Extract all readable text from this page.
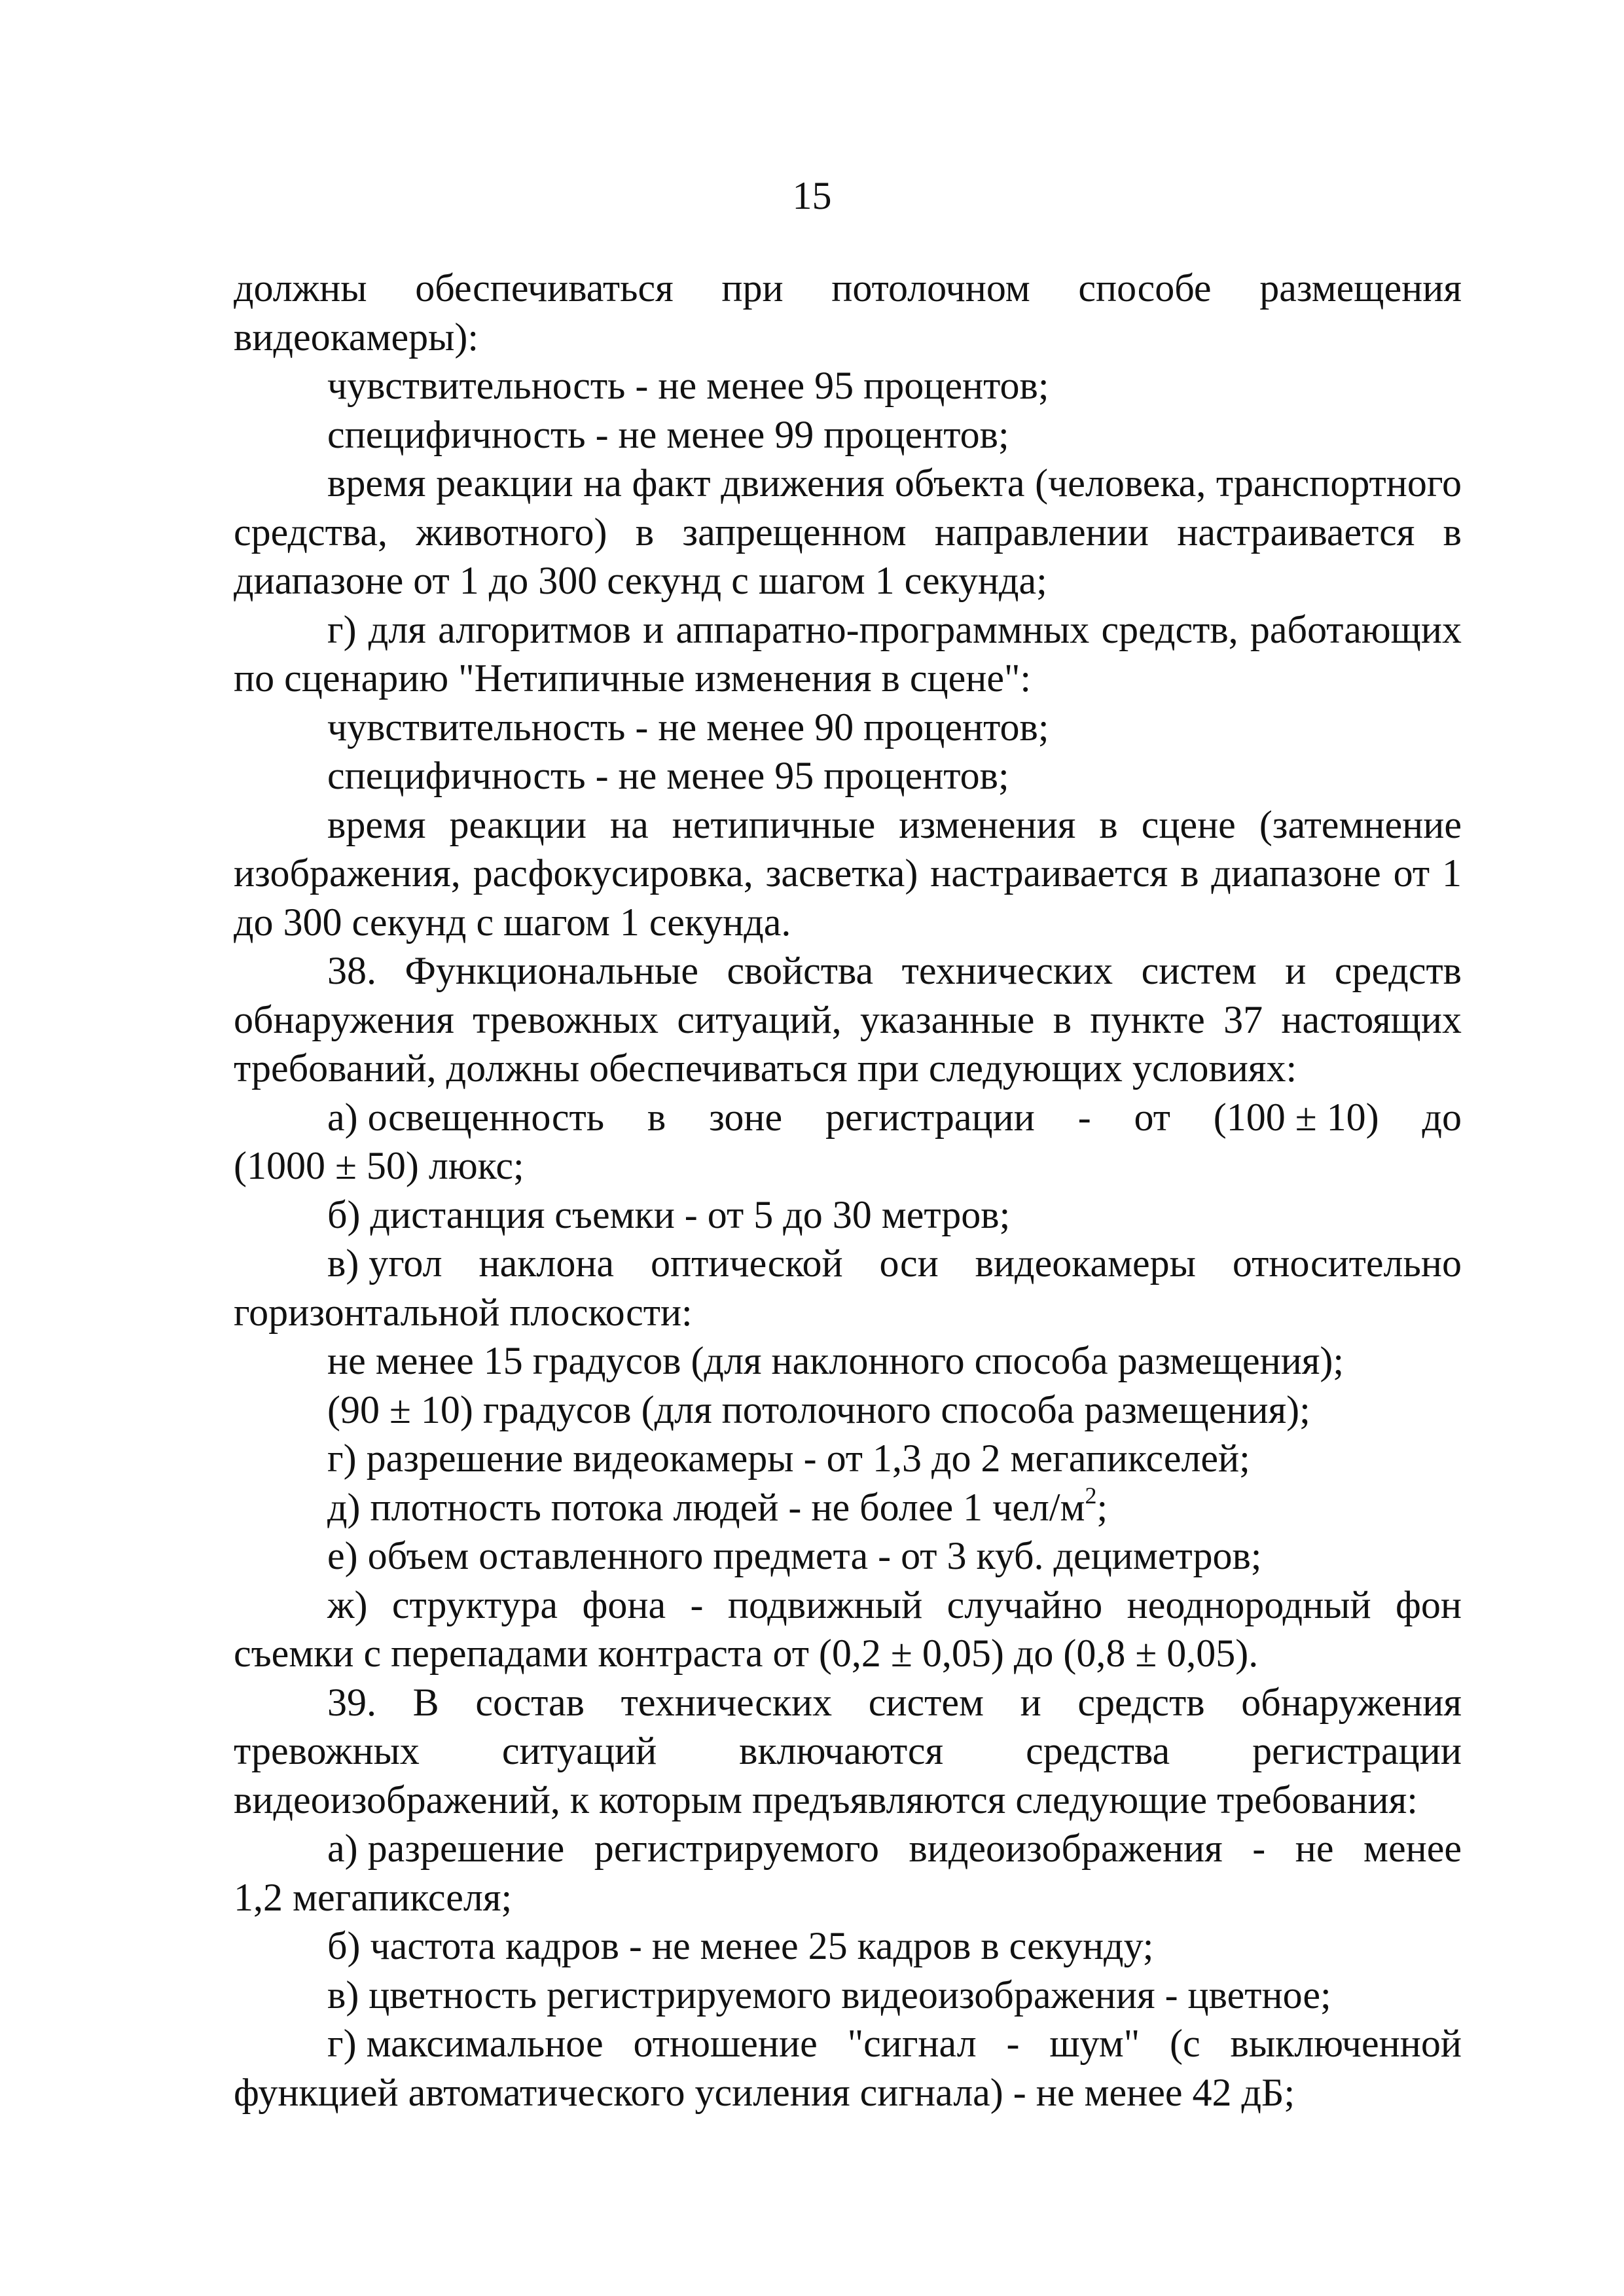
15
должны обеспечиваться при потолочном способе размещения
видеокамеры):
чувствительность - не менее 95 процентов;
специфичность - не менее 99 процентов;

время реакции на факт движения объекта (человека, транспортного средства, животного) в запрещенном направлении настраивается в диапазоне от 1 до 300 секунд с шагом 1 секунда;

г) для алгоритмов и аппаратно-программных средств, работающих по сценарию "Нетипичные изменения в сцене":

чувствительность - не менее 90 процентов;
специфичность - не менее 95 процентов;

время реакции на нетипичные изменения в сцене (затемнение изображения, расфокусировка, засветка) настраивается в диапазоне от 1 до 300 секунд с шагом 1 секунда.

38. Функциональные свойства технических систем и средств обнаружения тревожных ситуаций, указанные в пункте 37 настоящих требований, должны обеспечиваться при следующих условиях:

а) освещенность в зоне регистрации - от (100 ± 10) до
(1000 ± 50) люкс;
б) дистанция съемки - от 5 до 30 метров;
в) угол наклона оптической оси видеокамеры относительно
горизонтальной плоскости:
не менее 15 градусов (для наклонного способа размещения);
(90 ± 10) градусов (для потолочного способа размещения);
г) разрешение видеокамеры - от 1,3 до 2 мегапикселей;
д) плотность потока людей - не более 1 чел/$м^2$;
е) объем оставленного предмета - от 3 куб. дециметров;

ж) структура фона - подвижный случайно неоднородный фон съемки с перепадами контраста от (0,2 ± 0,05) до (0,8 ± 0,05).

39. В состав технических систем и средств обнаружения тревожных ситуаций включаются средства регистрации видеоизображений, к которым предъявляются следующие требования:

а) разрешение регистрируемого видеоизображения - не менее
1,2 мегапикселя;
б) частота кадров - не менее 25 кадров в секунду;
в) цветность регистрируемого видеоизображения - цветное;
г) максимальное отношение "сигнал - шум" (с выключенной
функцией автоматического усиления сигнала) - не менее 42 дБ;
